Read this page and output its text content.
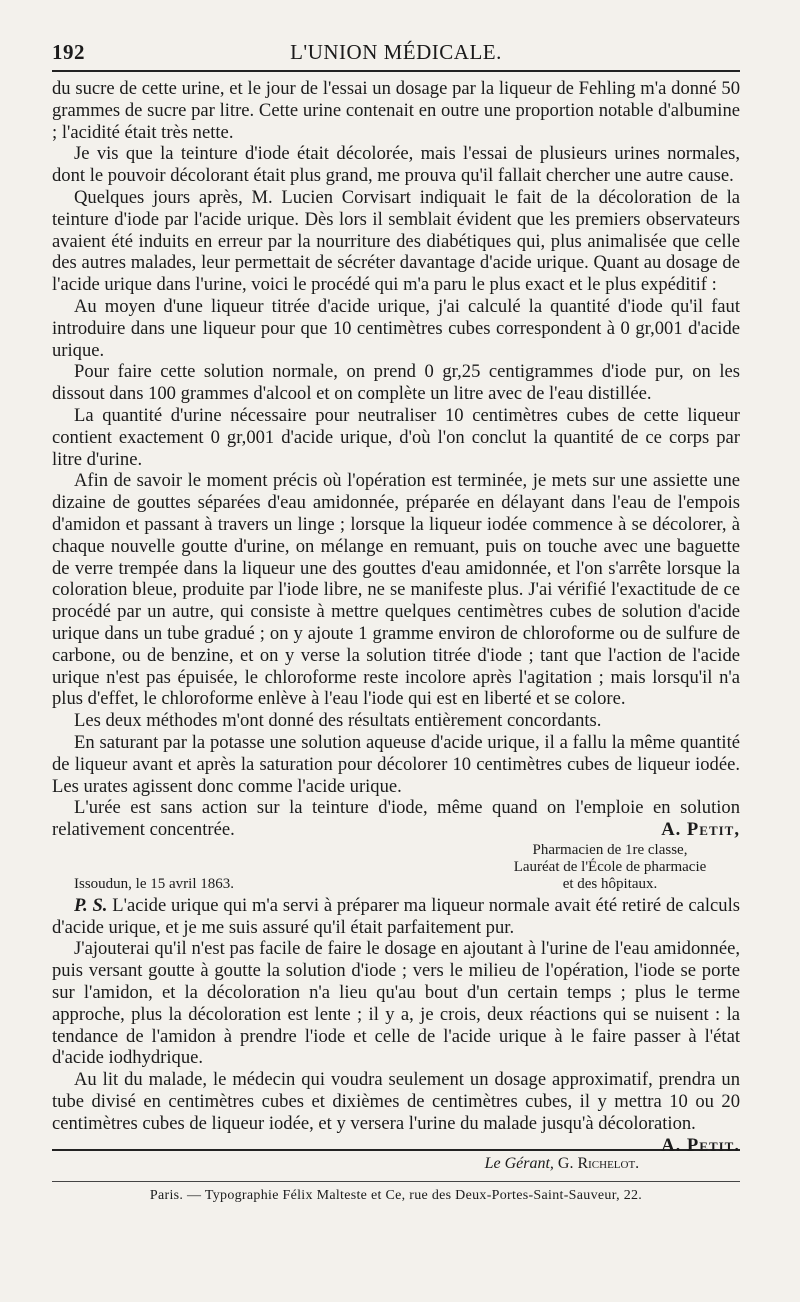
192	L'UNION MÉDICALE.

du sucre de cette urine, et le jour de l'essai un dosage par la liqueur de Fehling m'a donné 50 grammes de sucre par litre. Cette urine contenait en outre une proportion notable d'albumine ; l'acidité était très nette.

Je vis que la teinture d'iode était décolorée, mais l'essai de plusieurs urines normales, dont le pouvoir décolorant était plus grand, me prouva qu'il fallait chercher une autre cause.

Quelques jours après, M. Lucien Corvisart indiquait le fait de la décoloration de la teinture d'iode par l'acide urique. Dès lors il semblait évident que les premiers observateurs avaient été induits en erreur par la nourriture des diabétiques qui, plus animalisée que celle des autres malades, leur permettait de sécréter davantage d'acide urique. Quant au dosage de l'acide urique dans l'urine, voici le procédé qui m'a paru le plus exact et le plus expéditif :

Au moyen d'une liqueur titrée d'acide urique, j'ai calculé la quantité d'iode qu'il faut introduire dans une liqueur pour que 10 centimètres cubes correspondent à 0 gr,001 d'acide urique.

Pour faire cette solution normale, on prend 0 gr,25 centigrammes d'iode pur, on les dissout dans 100 grammes d'alcool et on complète un litre avec de l'eau distillée.

La quantité d'urine nécessaire pour neutraliser 10 centimètres cubes de cette liqueur contient exactement 0 gr,001 d'acide urique, d'où l'on conclut la quantité de ce corps par litre d'urine.

Afin de savoir le moment précis où l'opération est terminée, je mets sur une assiette une dizaine de gouttes séparées d'eau amidonnée, préparée en délayant dans l'eau de l'empois d'amidon et passant à travers un linge ; lorsque la liqueur iodée commence à se décolorer, à chaque nouvelle goutte d'urine, on mélange en remuant, puis on touche avec une baguette de verre trempée dans la liqueur une des gouttes d'eau amidonnée, et l'on s'arrête lorsque la coloration bleue, produite par l'iode libre, ne se manifeste plus. J'ai vérifié l'exactitude de ce procédé par un autre, qui consiste à mettre quelques centimètres cubes de solution d'acide urique dans un tube gradué ; on y ajoute 1 gramme environ de chloroforme ou de sulfure de carbone, ou de benzine, et on y verse la solution titrée d'iode ; tant que l'action de l'acide urique n'est pas épuisée, le chloroforme reste incolore après l'agitation ; mais lorsqu'il n'a plus d'effet, le chloroforme enlève à l'eau l'iode qui est en liberté et se colore.

Les deux méthodes m'ont donné des résultats entièrement concordants.

En saturant par la potasse une solution aqueuse d'acide urique, il a fallu la même quantité de liqueur avant et après la saturation pour décolorer 10 centimètres cubes de liqueur iodée. Les urates agissent donc comme l'acide urique.

L'urée est sans action sur la teinture d'iode, même quand on l'emploie en solution relativement concentrée.	A. Petit,

Issoudun, le 15 avril 1863.
Pharmacien de 1re classe,
Lauréat de l'École de pharmacie
et des hôpitaux.

P. S. L'acide urique qui m'a servi à préparer ma liqueur normale avait été retiré de calculs d'acide urique, et je me suis assuré qu'il était parfaitement pur.

J'ajouterai qu'il n'est pas facile de faire le dosage en ajoutant à l'urine de l'eau amidonnée, puis versant goutte à goutte la solution d'iode ; vers le milieu de l'opération, l'iode se porte sur l'amidon, et la décoloration n'a lieu qu'au bout d'un certain temps ; plus le terme approche, plus la décoloration est lente ; il y a, je crois, deux réactions qui se nuisent : la tendance de l'amidon à prendre l'iode et celle de l'acide urique à le faire passer à l'état d'acide iodhydrique.

Au lit du malade, le médecin qui voudra seulement un dosage approximatif, prendra un tube divisé en centimètres cubes et dixièmes de centimètres cubes, il y mettra 10 ou 20 centimètres cubes de liqueur iodée, et y versera l'urine du malade jusqu'à décoloration.
A. Petit.

Le Gérant, G. Richelot.
Paris. — Typographie Félix Malteste et Ce, rue des Deux-Portes-Saint-Sauveur, 22.
